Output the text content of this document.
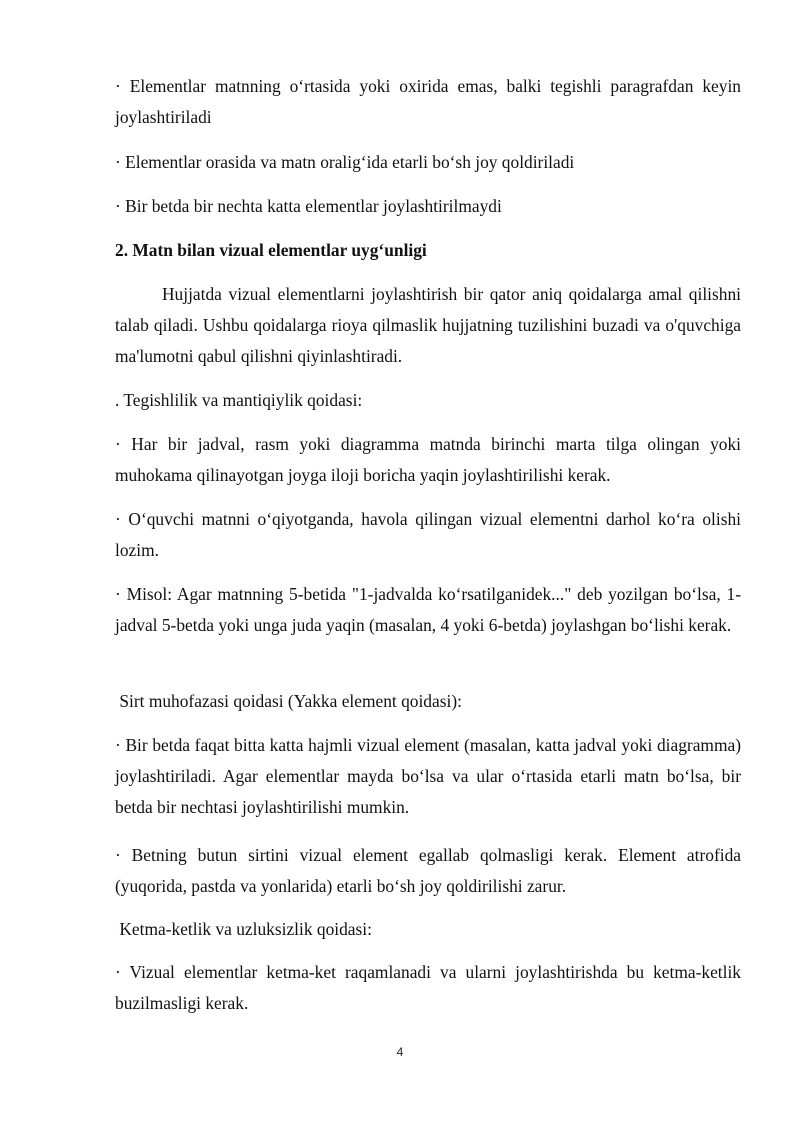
· Elementlar matnning oʻrtasida yoki oxirida emas, balki tegishli paragrafdan keyin joylashtiriladi

· Elementlar orasida va matn oraligʻida etarli boʻsh joy qoldiriladi

· Bir betda bir nechta katta elementlar joylashtirilmaydi

2. Matn bilan vizual elementlar uygʻunligi

Hujjatda vizual elementlarni joylashtirish bir qator aniq qoidalarga amal qilishni talab qiladi. Ushbu qoidalarga rioya qilmaslik hujjatning tuzilishini buzadi va o'quvchiga ma'lumotni qabul qilishni qiyinlashtiradi.

. Tegishlilik va mantiqiylik qoidasi:

· Har bir jadval, rasm yoki diagramma matnda birinchi marta tilga olingan yoki muhokama qilinayotgan joyga iloji boricha yaqin joylashtirilishi kerak.

· Oʻquvchi matnni oʻqiyotganda, havola qilingan vizual elementni darhol koʻra olishi lozim.

· Misol: Agar matnning 5-betida "1-jadvalda koʻrsatilganidek..." deb yozilgan boʻlsa, 1-jadval 5-betda yoki unga juda yaqin (masalan, 4 yoki 6-betda) joylashgan boʻlishi kerak.

Sirt muhofazasi qoidasi (Yakka element qoidasi):

· Bir betda faqat bitta katta hajmli vizual element (masalan, katta jadval yoki diagramma) joylashtiriladi. Agar elementlar mayda boʻlsa va ular oʻrtasida etarli matn boʻlsa, bir betda bir nechtasi joylashtirilishi mumkin.

· Betning butun sirtini vizual element egallab qolmasligi kerak. Element atrofida (yuqorida, pastda va yonlarida) etarli boʻsh joy qoldirilishi zarur.

Ketma-ketlik va uzluksizlik qoidasi:

· Vizual elementlar ketma-ket raqamlanadi va ularni joylashtirishda bu ketma-ketlik buzilmasligi kerak.

4
